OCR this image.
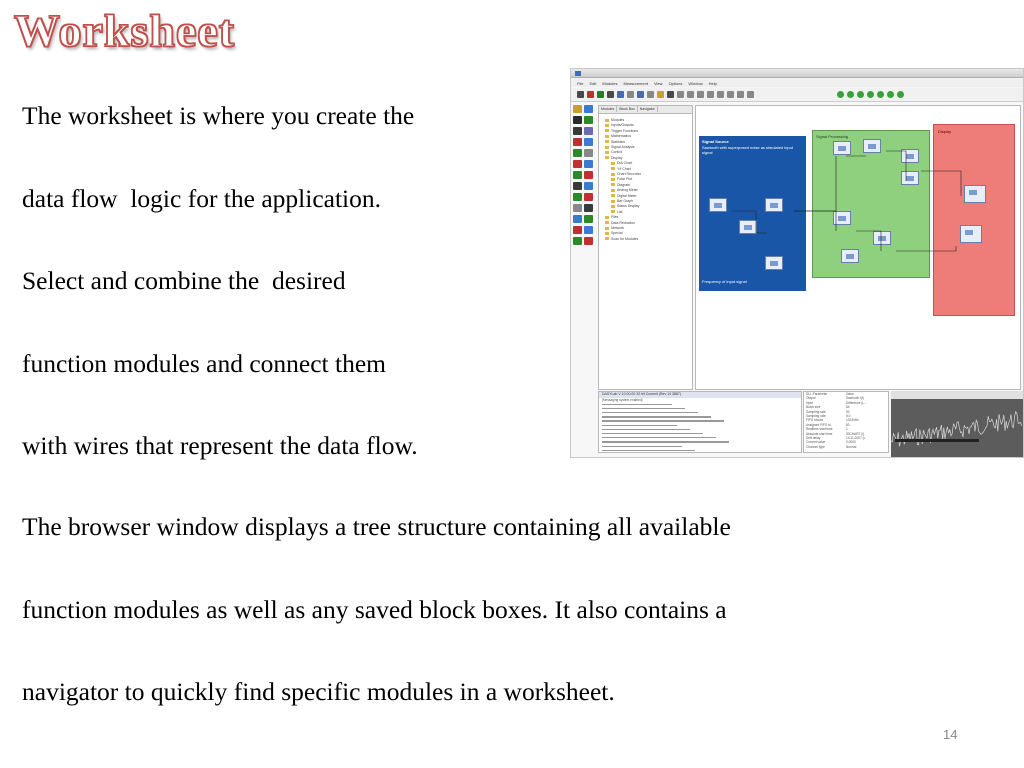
Worksheet
The worksheet is where you create the
data flow  logic for the application.
Select and combine the  desired
function modules and connect them
with wires that represent the data flow.
The browser window displays a tree structure containing all available
function modules as well as any saved block boxes. It also contains a
navigator to quickly find specific modules in a worksheet.
File Edit Modules Measurement View Options Window Help
Modules Block Box Navigator
Modules
Inputs/Outputs
Trigger Functions
Mathematics
Statistics
Signal Analysis
Control
Display
DIA Chart
Y/t Chart
Chart Recorder
Polar Plot
Diagram
Analog Meter
Digital Meter
Bar Graph
Status Display
List
Files
Data Reduction
Network
Special
Scan for Modules
Signal Source
Sawtooth with superposed noise as simulated input signal
Frequency of input signal
Signal Processing
Display
DASYLab V 10.00.00 32 bit Commit (Rev 14 3887)
[Messaging system enabled]
DLL Parameter	Value
Output	Sawtooth f(t)
Input	Difference (L...
Block size	64
Sampling rate	50
Sampling rate	8.0
FIFO blocks	10240Hz
Assigned FIFO bl.	60
Realtime start time	1
Absolute start time	30CHART (i)
Drift delay	14.11.2007 (L
Current value	0.0000
Channel type	Normal
14
